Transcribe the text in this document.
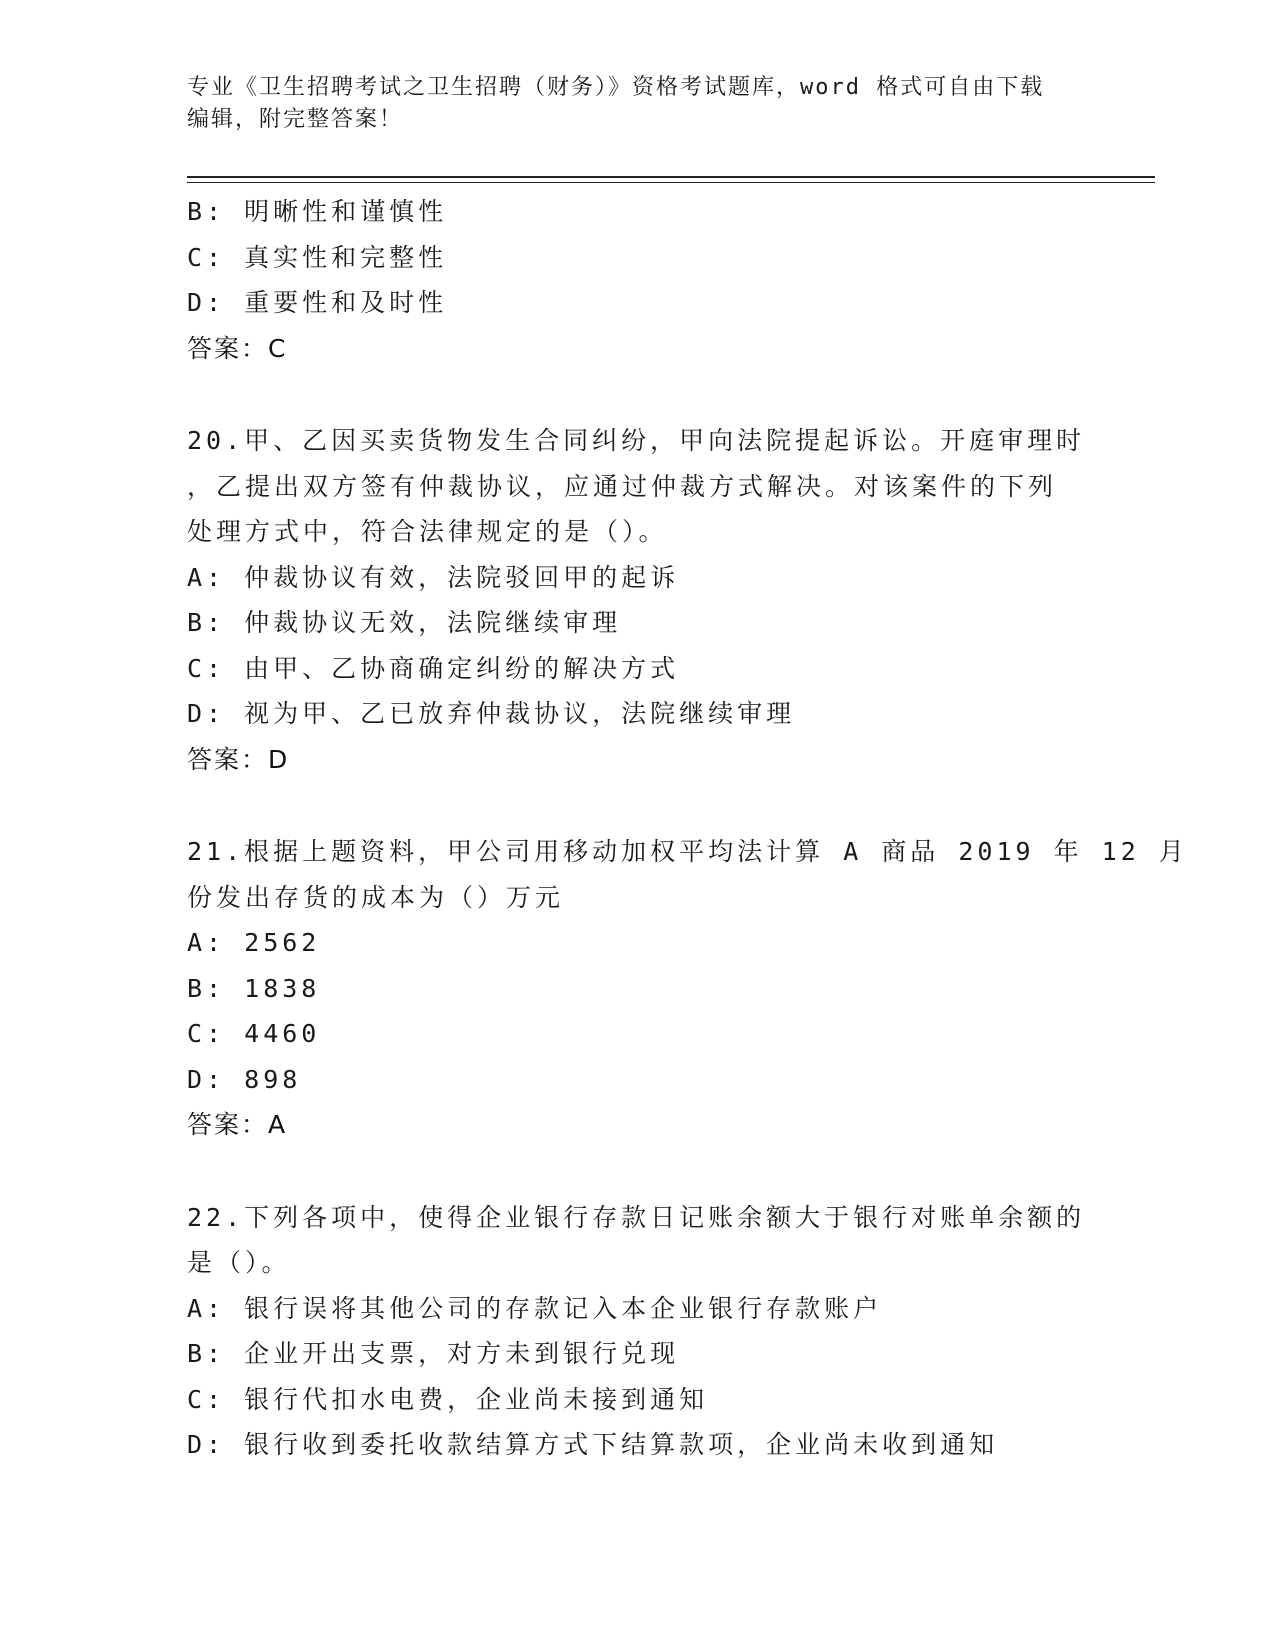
专业《卫生招聘考试之卫生招聘（财务）》资格考试题库，word 格式可自由下载
编辑，附完整答案！
B: 明晰性和谨慎性
C: 真实性和完整性
D: 重要性和及时性
答案：C
20.甲、乙因买卖货物发生合同纠纷，甲向法院提起诉讼。开庭审理时
，乙提出双方签有仲裁协议，应通过仲裁方式解决。对该案件的下列
处理方式中，符合法律规定的是（）。
A: 仲裁协议有效，法院驳回甲的起诉
B: 仲裁协议无效，法院继续审理
C: 由甲、乙协商确定纠纷的解决方式
D: 视为甲、乙已放弃仲裁协议，法院继续审理
答案：D
21.根据上题资料，甲公司用移动加权平均法计算 A 商品 2019 年 12 月
份发出存货的成本为（）万元
A: 2562
B: 1838
C: 4460
D: 898
答案：A
22.下列各项中，使得企业银行存款日记账余额大于银行对账单余额的
是（）。
A: 银行误将其他公司的存款记入本企业银行存款账户
B: 企业开出支票，对方未到银行兑现
C: 银行代扣水电费，企业尚未接到通知
D: 银行收到委托收款结算方式下结算款项，企业尚未收到通知
